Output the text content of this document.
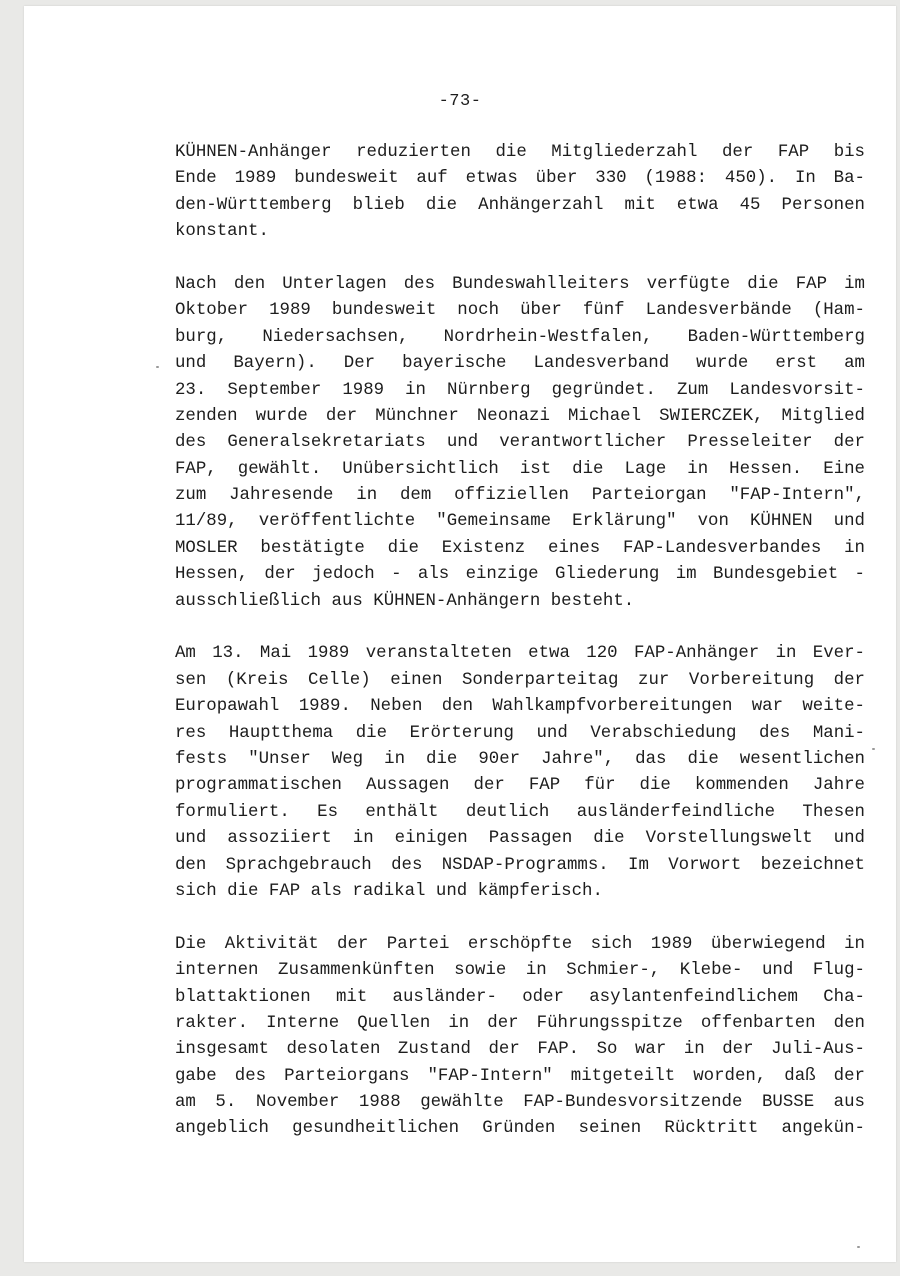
-73-
KÜHNEN-Anhänger reduzierten die Mitgliederzahl der FAP bis
Ende 1989 bundesweit auf etwas über 330 (1988: 450). In Ba-
den-Württemberg blieb die Anhängerzahl mit etwa 45 Personen
konstant.
Nach den Unterlagen des Bundeswahlleiters verfügte die FAP im
Oktober 1989 bundesweit noch über fünf Landesverbände (Ham-
burg, Niedersachsen, Nordrhein-Westfalen, Baden-Württemberg
und Bayern). Der bayerische Landesverband wurde erst am
23. September 1989 in Nürnberg gegründet. Zum Landesvorsit-
zenden wurde der Münchner Neonazi Michael SWIERCZEK, Mitglied
des Generalsekretariats und verantwortlicher Presseleiter der
FAP, gewählt. Unübersichtlich ist die Lage in Hessen. Eine
zum Jahresende in dem offiziellen Parteiorgan "FAP-Intern",
11/89, veröffentlichte "Gemeinsame Erklärung" von KÜHNEN und
MOSLER bestätigte die Existenz eines FAP-Landesverbandes in
Hessen, der jedoch - als einzige Gliederung im Bundesgebiet -
ausschließlich aus KÜHNEN-Anhängern besteht.
Am 13. Mai 1989 veranstalteten etwa 120 FAP-Anhänger in Ever-
sen (Kreis Celle) einen Sonderparteitag zur Vorbereitung der
Europawahl 1989. Neben den Wahlkampfvorbereitungen war weite-
res Hauptthema die Erörterung und Verabschiedung des Mani-
fests "Unser Weg in die 90er Jahre", das die wesentlichen
programmatischen Aussagen der FAP für die kommenden Jahre
formuliert. Es enthält deutlich ausländerfeindliche Thesen
und assoziiert in einigen Passagen die Vorstellungswelt und
den Sprachgebrauch des NSDAP-Programms. Im Vorwort bezeichnet
sich die FAP als radikal und kämpferisch.
Die Aktivität der Partei erschöpfte sich 1989 überwiegend in
internen Zusammenkünften sowie in Schmier-, Klebe- und Flug-
blattaktionen mit ausländer- oder asylantenfeindlichem Cha-
rakter. Interne Quellen in der Führungsspitze offenbarten den
insgesamt desolaten Zustand der FAP. So war in der Juli-Aus-
gabe des Parteiorgans "FAP-Intern" mitgeteilt worden, daß der
am 5. November 1988 gewählte FAP-Bundesvorsitzende BUSSE aus
angeblich gesundheitlichen Gründen seinen Rücktritt angekün-
